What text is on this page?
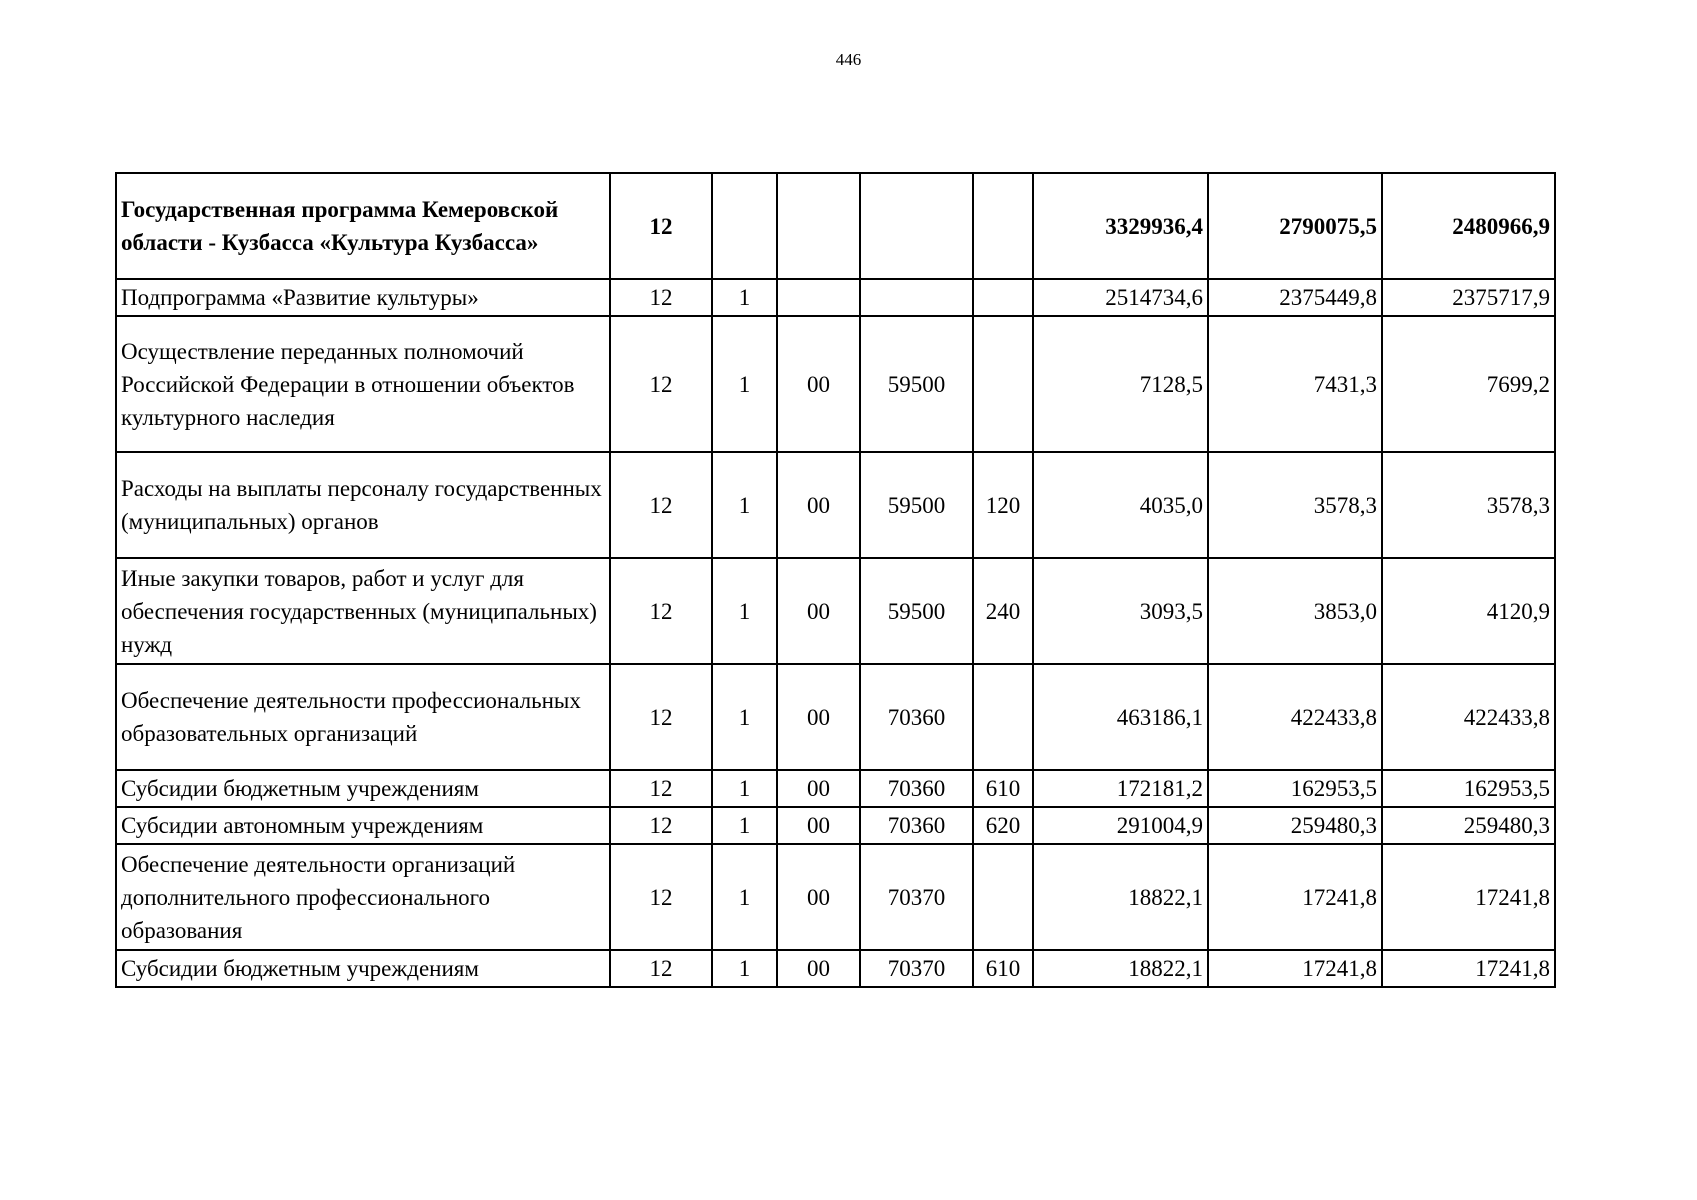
446
Государственная программа Кемеровской области - Кузбасса «Культура Кузбасса»	12					3329936,4	2790075,5	2480966,9
Подпрограмма «Развитие культуры»	12	1				2514734,6	2375449,8	2375717,9
Осуществление переданных полномочий Российской Федерации в отношении объектов культурного наследия	12	1	00	59500		7128,5	7431,3	7699,2
Расходы на выплаты персоналу государственных (муниципальных) органов	12	1	00	59500	120	4035,0	3578,3	3578,3
Иные закупки товаров, работ и услуг для обеспечения государственных (муниципальных) нужд	12	1	00	59500	240	3093,5	3853,0	4120,9
Обеспечение деятельности профессиональных образовательных организаций	12	1	00	70360		463186,1	422433,8	422433,8
Субсидии бюджетным учреждениям	12	1	00	70360	610	172181,2	162953,5	162953,5
Субсидии автономным учреждениям	12	1	00	70360	620	291004,9	259480,3	259480,3
Обеспечение деятельности организаций дополнительного профессионального образования	12	1	00	70370		18822,1	17241,8	17241,8
Субсидии бюджетным учреждениям	12	1	00	70370	610	18822,1	17241,8	17241,8
